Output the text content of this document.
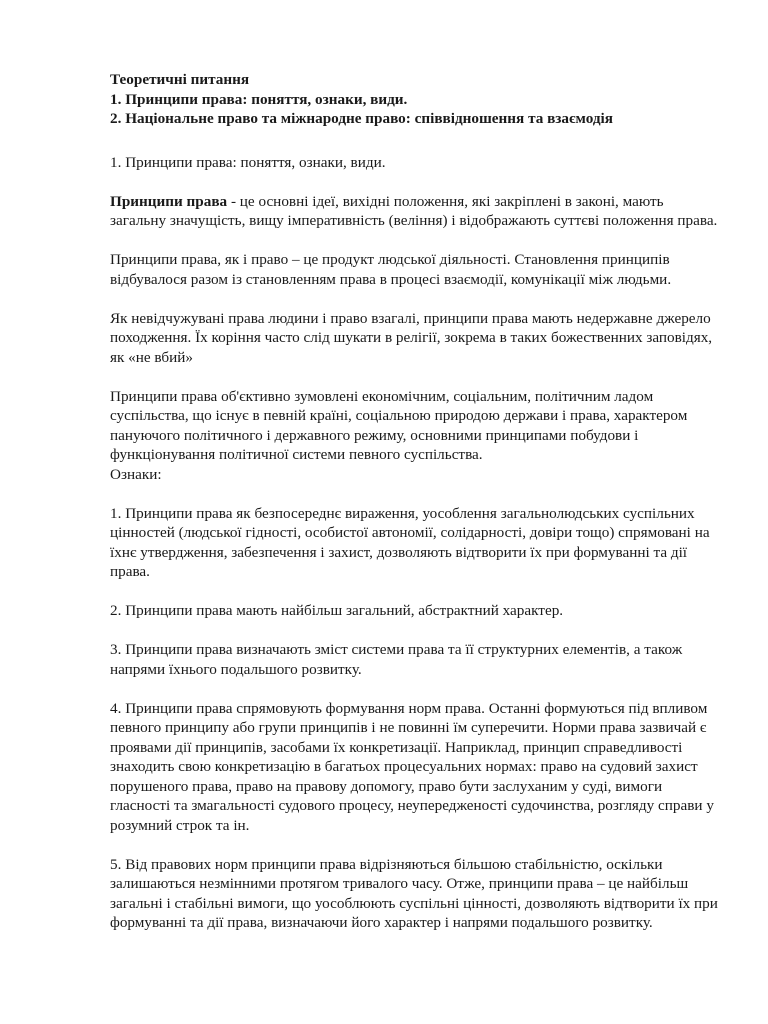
Теоретичні питання

1. Принципи права: поняття, ознаки, види.

2. Національне право та міжнародне право: співвідношення та взаємодія

1. Принципи права: поняття, ознаки, види.

Принципи права - це основні ідеї, вихідні положення, які закріплені в законі, мають загальну значущість, вищу імперативність (веління) і відображають суттєві положення права.

Принципи права, як і право – це продукт людської діяльності. Становлення принципів відбувалося разом із становленням права в процесі взаємодії, комунікації між людьми.

Як невідчужувані права людини і право взагалі, принципи права мають недержавне джерело походження. Їх коріння часто слід шукати в релігії, зокрема в таких божественних заповідях, як «не вбий»

Принципи права об'єктивно зумовлені економічним, соціальним, політичним ладом суспільства, що існує в певній країні, соціальною природою держави і права, характером пануючого політичного і державного режиму, основними принципами побудови і функціонування політичної системи певного суспільства.

Ознаки:

1. Принципи права як безпосереднє вираження, уособлення загальнолюдських суспільних цінностей (людської гідності, особистої автономії, солідарності, довіри тощо) спрямовані на їхнє утвердження, забезпечення і захист, дозволяють відтворити їх при формуванні та дії права.

2. Принципи права мають найбільш загальний, абстрактний характер.

3. Принципи права визначають зміст системи права та її структурних елементів, а також напрями їхнього подальшого розвитку.

4. Принципи права спрямовують формування норм права. Останні формуються під впливом певного принципу або групи принципів і не повинні їм суперечити. Норми права зазвичай є проявами дії принципів, засобами їх конкретизації. Наприклад, принцип справедливості знаходить свою конкретизацію в багатьох процесуальних нормах: право на судовий захист порушеного права, право на правову допомогу, право бути заслуханим у суді, вимоги гласності та змагальності судового процесу, неупередженості судочинства, розгляду справи у розумний строк та ін.

5. Від правових норм принципи права відрізняються більшою стабільністю, оскільки залишаються незмінними протягом тривалого часу. Отже, принципи права – це найбільш загальні і стабільні вимоги, що уособлюють суспільні цінності, дозволяють відтворити їх при формуванні та дії права, визначаючи його характер і напрями подальшого розвитку.
